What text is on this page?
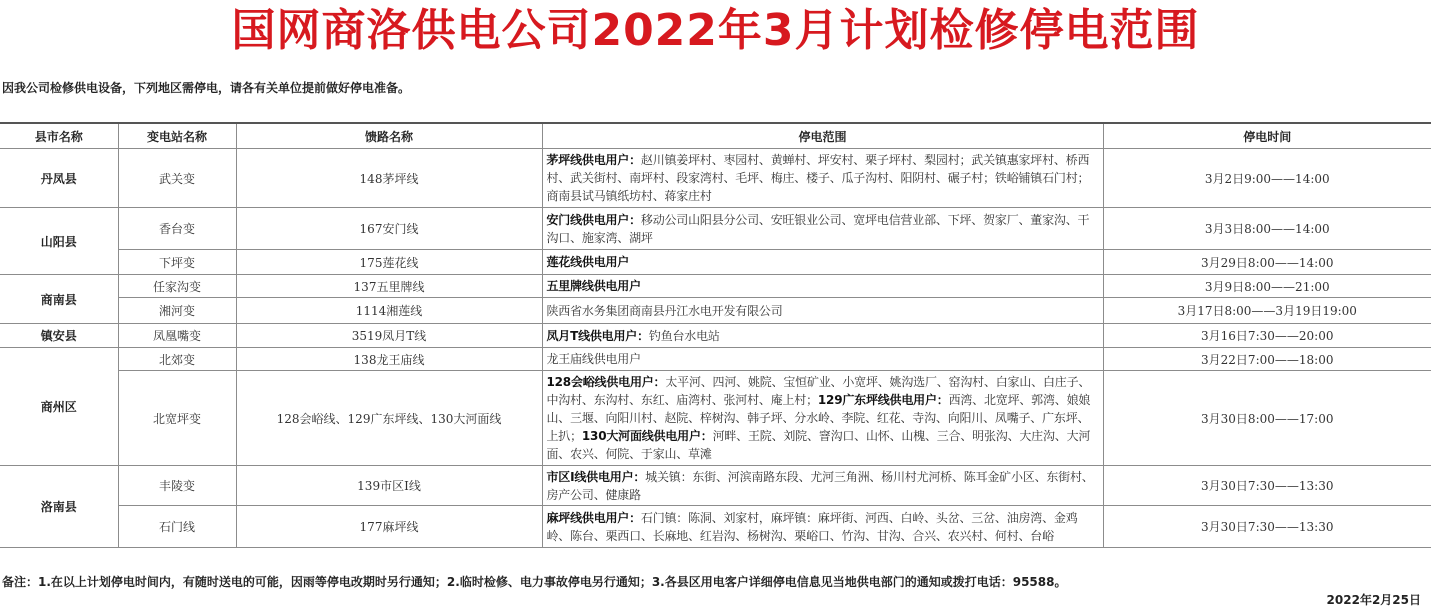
国网商洛供电公司2022年3月计划检修停电范围
因我公司检修供电设备，下列地区需停电，请各有关单位提前做好停电准备。
县市名称	变电站名称	馈路名称	停电范围	停电时间
丹凤县	武关变	148茅坪线	茅坪线供电用户：赵川镇姜坪村、枣园村、黄蝉村、坪安村、栗子坪村、梨园村；武关镇惠家坪村、桥西村、武关街村、南坪村、段家湾村、毛坪、梅庄、楼子、瓜子沟村、阳阴村、碾子村；铁峪铺镇石门村；商南县试马镇纸坊村、蒋家庄村	3月2日9:00——14:00
山阳县	香台变	167安门线	安门线供电用户：移动公司山阳县分公司、安旺银业公司、宽坪电信营业部、下坪、贺家厂、董家沟、干沟口、施家湾、湖坪	3月3日8:00——14:00
	下坪变	175莲花线	莲花线供电用户	3月29日8:00——14:00
商南县	任家沟变	137五里牌线	五里牌线供电用户	3月9日8:00——21:00
	湘河变	1114湘莲线	陕西省水务集团商南县丹江水电开发有限公司	3月17日8:00——3月19日19:00
镇安县	凤凰嘴变	3519凤月T线	凤月T线供电用户：钓鱼台水电站	3月16日7:30——20:00
商州区	北郊变	138龙王庙线	龙王庙线供电用户	3月22日7:00——18:00
	北宽坪变	128会峪线、129广东坪线、130大河面线	128会峪线供电用户：太平河、四河、姚院、宝恒矿业、小宽坪、姚沟选厂、窑沟村、白家山、白庄子、中沟村、东沟村、东红、庙湾村、张河村、庵上村；129广东坪线供电用户：西湾、北宽坪、郭湾、娘娘山、三堰、向阳川村、赵院、梓树沟、韩子坪、分水岭、李院、红花、寺沟、向阳川、凤嘴子、广东坪、上扒；130大河面线供电用户：河畔、王院、刘院、窨沟口、山怀、山槐、三合、明张沟、大庄沟、大河面、农兴、何院、于家山、草滩	3月30日8:00——17:00
洛南县	丰陵变	139市区Ⅰ线	市区Ⅰ线供电用户：城关镇：东街、河滨南路东段、尤河三角洲、杨川村尤河桥、陈耳金矿小区、东街村、房产公司、健康路	3月30日7:30——13:30
	石门线	177麻坪线	麻坪线供电用户：石门镇：陈洞、刘家村，麻坪镇：麻坪街、河西、白岭、头岔、三岔、油房湾、金鸡岭、陈台、栗西口、长麻地、红岩沟、杨树沟、栗峪口、竹沟、甘沟、合兴、农兴村、何村、台峪	3月30日7:30——13:30
备注：1.在以上计划停电时间内，有随时送电的可能，因雨等停电改期时另行通知；2.临时检修、电力事故停电另行通知；3.各县区用电客户详细停电信息见当地供电部门的通知或拨打电话：95588。
2022年2月25日
